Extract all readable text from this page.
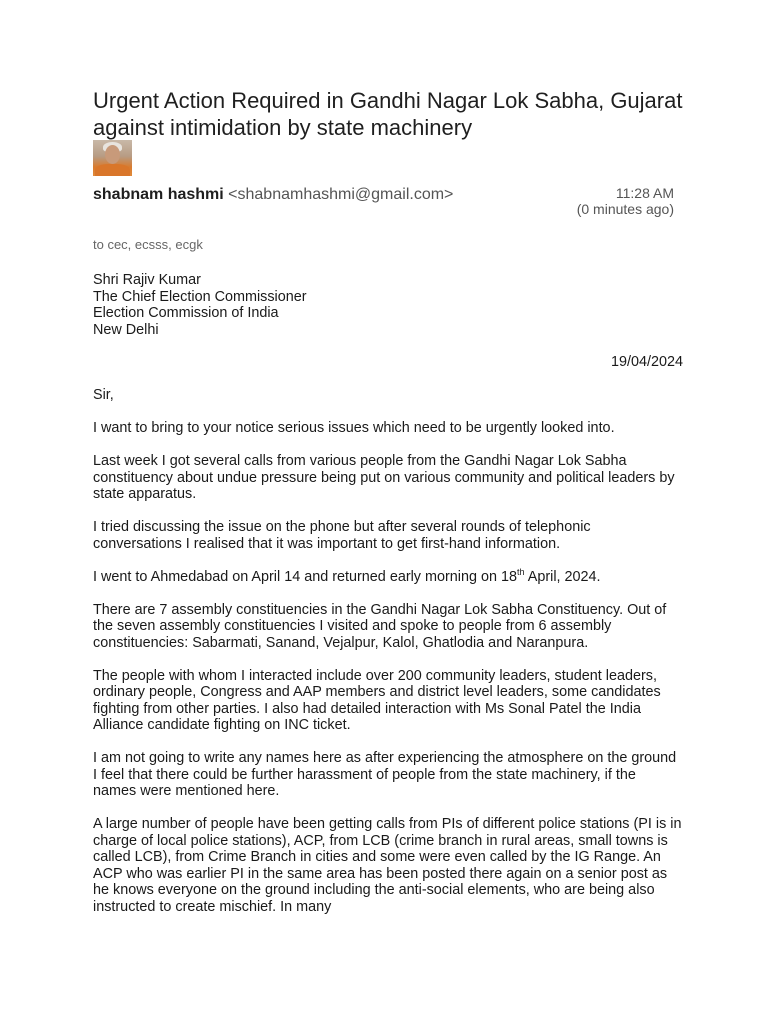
Urgent Action Required in Gandhi Nagar Lok Sabha, Gujarat against intimidation by state machinery
shabnam hashmi <shabnamhashmi@gmail.com>	11:28 AM
(0 minutes ago)
to cec, ecsss, ecgk

Shri Rajiv Kumar

The Chief Election Commissioner

Election Commission of India

New Delhi

19/04/2024

Sir,

I want to bring to your notice serious issues which need to be urgently looked into.

Last week I got several calls from various people from the Gandhi Nagar Lok Sabha constituency about undue pressure being put on various community and political leaders by state apparatus.

I tried discussing the issue on the phone but after several rounds of telephonic conversations I realised that it was important to get first-hand information.

I went to Ahmedabad on April 14 and returned early morning on 18th April, 2024.

There are 7 assembly constituencies in the Gandhi Nagar Lok Sabha Constituency. Out of the seven assembly constituencies I visited and spoke to people from 6 assembly constituencies: Sabarmati, Sanand, Vejalpur, Kalol, Ghatlodia and Naranpura.

The people with whom I interacted include over 200 community leaders, student leaders, ordinary people, Congress and AAP members and district level leaders, some candidates fighting from other parties. I also had detailed interaction with Ms Sonal Patel the India Alliance candidate fighting on INC ticket.

I am not going to write any names here as after experiencing the atmosphere on the ground I feel that there could be further harassment of people from the state machinery, if the names were mentioned here.

A large number of people have been getting calls from PIs of different police stations (PI is in charge of local police stations), ACP, from LCB (crime branch in rural areas, small towns is called LCB), from Crime Branch in cities and some were even called by the IG Range. An ACP who was earlier PI in the same area has been posted there again on a senior post as he knows everyone on the ground including the anti-social elements, who are being also instructed to create mischief. In many
